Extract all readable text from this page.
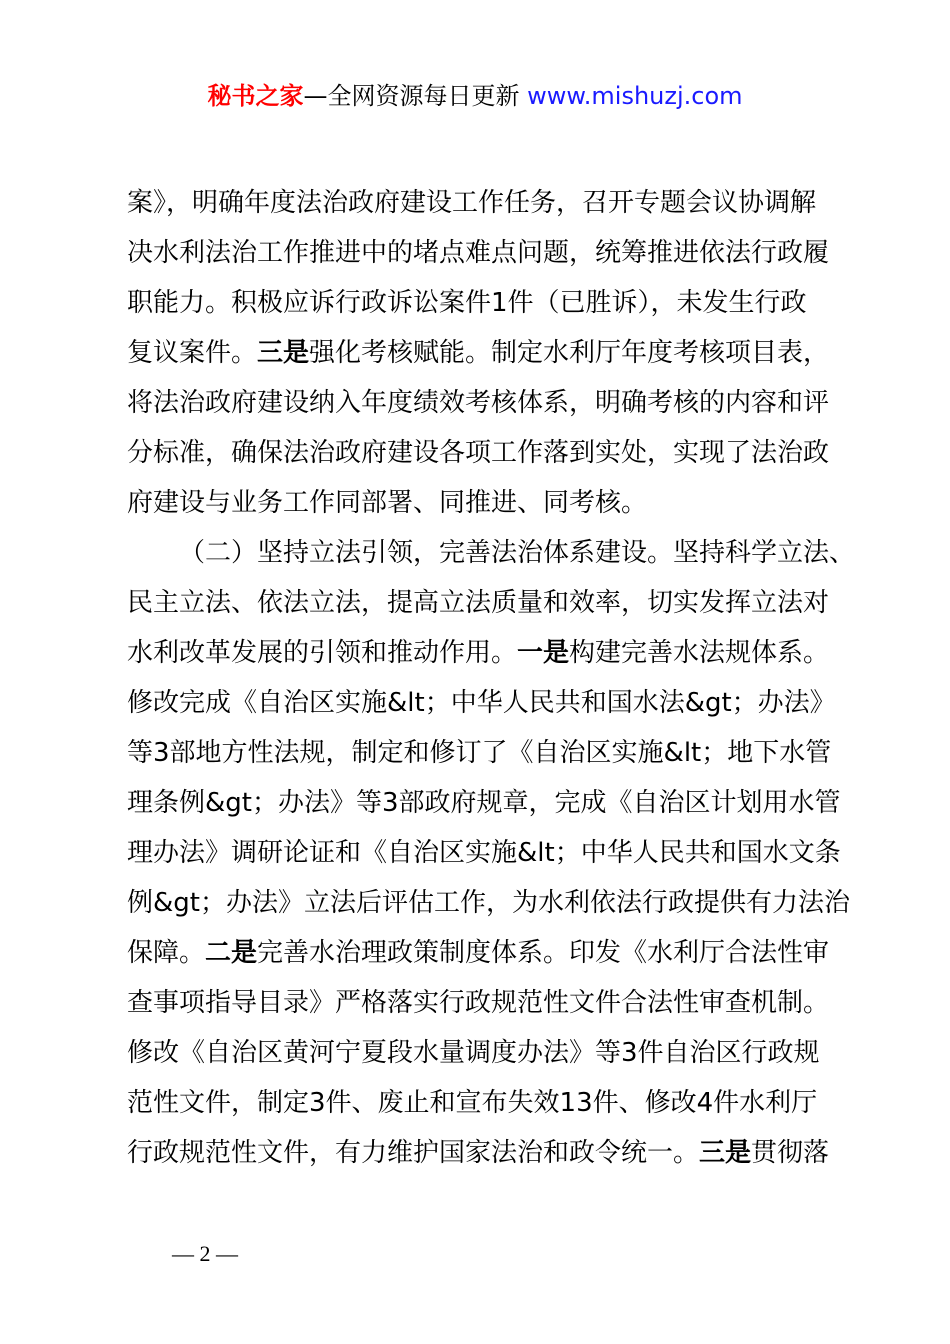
秘书之家—全网资源每日更新 www.mishuzj.com
案》，明确年度法治政府建设工作任务，召开专题会议协调解
决水利法治工作推进中的堵点难点问题，统筹推进依法行政履
职能力。积极应诉行政诉讼案件1件（已胜诉），未发生行政
复议案件。三是强化考核赋能。制定水利厅年度考核项目表，
将法治政府建设纳入年度绩效考核体系，明确考核的内容和评
分标准，确保法治政府建设各项工作落到实处，实现了法治政
府建设与业务工作同部署、同推进、同考核。
（二）坚持立法引领，完善法治体系建设。坚持科学立法、
民主立法、依法立法，提高立法质量和效率，切实发挥立法对
水利改革发展的引领和推动作用。一是构建完善水法规体系。
修改完成《自治区实施&lt；中华人民共和国水法&gt；办法》
等3部地方性法规，制定和修订了《自治区实施&lt；地下水管
理条例&gt；办法》等3部政府规章，完成《自治区计划用水管
理办法》调研论证和《自治区实施&lt；中华人民共和国水文条
例&gt；办法》立法后评估工作，为水利依法行政提供有力法治
保障。二是完善水治理政策制度体系。印发《水利厅合法性审
查事项指导目录》严格落实行政规范性文件合法性审查机制。
修改《自治区黄河宁夏段水量调度办法》等3件自治区行政规
范性文件，制定3件、废止和宣布失效13件、修改4件水利厅
行政规范性文件，有力维护国家法治和政令统一。三是贯彻落
— 2 —
